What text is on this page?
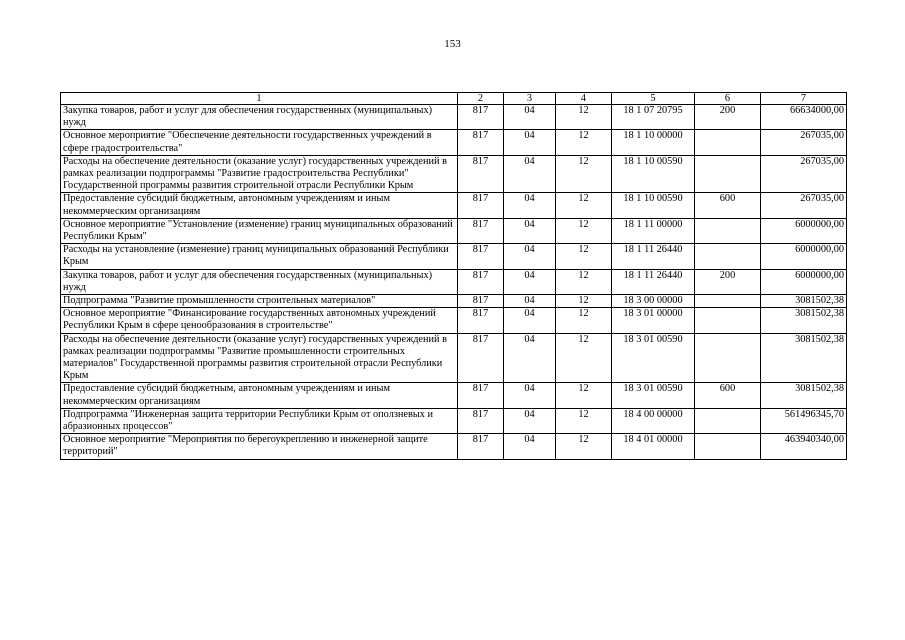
153
1	2	3	4	5	6	7
Закупка товаров, работ и услуг для обеспечения государственных (муниципальных) нужд	817	04	12	18 1 07 20795	200	66634000,00
Основное мероприятие "Обеспечение деятельности государственных учреждений в сфере градостроительства"	817	04	12	18 1 10 00000		267035,00
Расходы на обеспечение деятельности (оказание услуг) государственных учреждений в рамках реализации подпрограммы "Развитие градостроительства Республики" Государственной программы развития строительной отрасли Республики Крым	817	04	12	18 1 10 00590		267035,00
Предоставление субсидий бюджетным, автономным учреждениям и иным некоммерческим организациям	817	04	12	18 1 10 00590	600	267035,00
Основное мероприятие "Установление (изменение) границ муниципальных образований Республики Крым"	817	04	12	18 1 11 00000		6000000,00
Расходы на установление (изменение) границ муниципальных образований Республики Крым	817	04	12	18 1 11 26440		6000000,00
Закупка товаров, работ и услуг для обеспечения государственных (муниципальных) нужд	817	04	12	18 1 11 26440	200	6000000,00
Подпрограмма "Развитие промышленности строительных материалов"	817	04	12	18 3 00 00000		3081502,38
Основное мероприятие "Финансирование государственных автономных учреждений Республики Крым в сфере ценообразования в строительстве"	817	04	12	18 3 01 00000		3081502,38
Расходы на обеспечение деятельности (оказание услуг) государственных учреждений в рамках реализации подпрограммы "Развитие промышленности строительных материалов" Государственной программы развития строительной отрасли Республики Крым	817	04	12	18 3 01 00590		3081502,38
Предоставление субсидий бюджетным, автономным учреждениям и иным некоммерческим организациям	817	04	12	18 3 01 00590	600	3081502,38
Подпрограмма "Инженерная защита территории Республики Крым от оползневых и абразионных процессов"	817	04	12	18 4 00 00000		561496345,70
Основное мероприятие "Мероприятия по берегоукреплению и инженерной защите территорий"	817	04	12	18 4 01 00000		463940340,00
